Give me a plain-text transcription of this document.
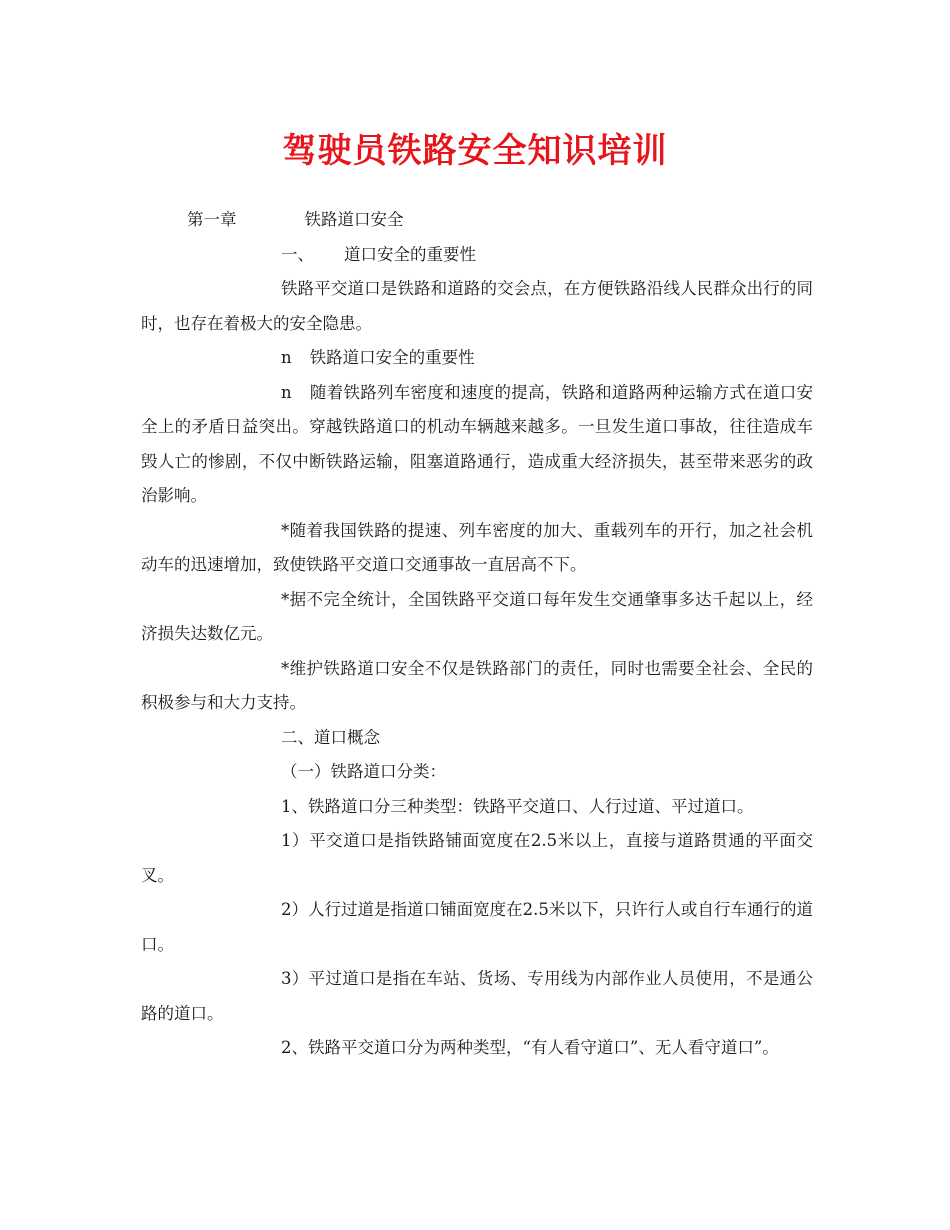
驾驶员铁路安全知识培训

第一章	铁路道口安全

一、 道口安全的重要性

铁路平交道口是铁路和道路的交会点，在方便铁路沿线人民群众出行的同时，也存在着极大的安全隐患。

n 铁路道口安全的重要性

n 随着铁路列车密度和速度的提高，铁路和道路两种运输方式在道口安全上的矛盾日益突出。穿越铁路道口的机动车辆越来越多。一旦发生道口事故，往往造成车毁人亡的惨剧，不仅中断铁路运输，阻塞道路通行，造成重大经济损失，甚至带来恶劣的政治影响。

*随着我国铁路的提速、列车密度的加大、重载列车的开行，加之社会机动车的迅速增加，致使铁路平交道口交通事故一直居高不下。

*据不完全统计，全国铁路平交道口每年发生交通肇事多达千起以上，经济损失达数亿元。

*维护铁路道口安全不仅是铁路部门的责任，同时也需要全社会、全民的积极参与和大力支持。

二、道口概念

（一）铁路道口分类：

1、铁路道口分三种类型：铁路平交道口、人行过道、平过道口。

1）平交道口是指铁路铺面宽度在2.5米以上，直接与道路贯通的平面交叉。

2）人行过道是指道口铺面宽度在2.5米以下，只许行人或自行车通行的道口。

3）平过道口是指在车站、货场、专用线为内部作业人员使用，不是通公路的道口。

2、铁路平交道口分为两种类型，“有人看守道口”、无人看守道口”。
